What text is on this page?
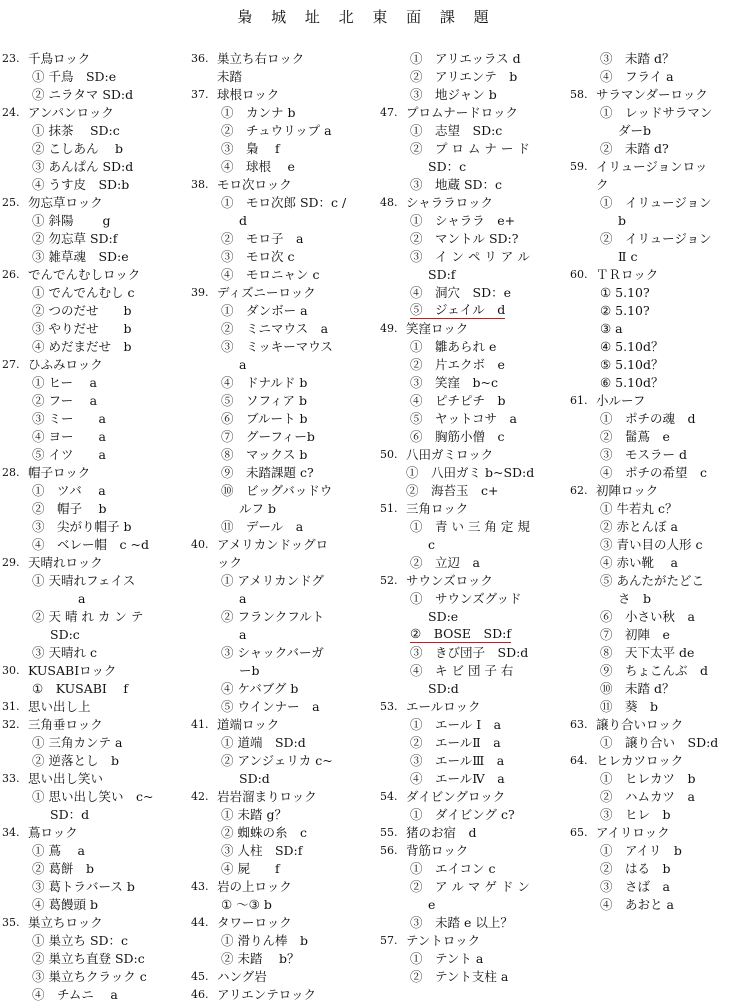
梟 城 址 北 東 面 課 題
23. 千鳥ロック
① 千鳥　SD:e
② ニラタマ SD:d
24. アンパンロック
① 抹茶　 SD:c
② こしあん　 b
③ あんぱん SD:d
④ うす皮　SD:b
25. 勿忘草ロック
① 斜陽　　 g
② 勿忘草 SD:f
③ 雑草魂　SD:e
26. でんでんむしロック
① でんでんむし c
② つのだせ　　b
③ やりだせ　　b
④ めだまだせ　b
27. ひふみロック
① ヒー　 a
② フー　 a
③ ミー　　a
④ ヨー　　a
⑤ イツ　　a
28. 帽子ロック
①　ツバ　 a
②　帽子　 b
③　尖がり帽子 b
④　ベレー帽　c ~d
29. 天晴れロック
① 天晴れフェイス
a
② 天 晴 れ カ ン テ
SD:c
③ 天晴れ c
30. KUSABIロック
①　KUSABI　 f
31. 思い出し上
32. 三角垂ロック
① 三角カンテ a
② 逆落とし　b
33. 思い出し笑い
① 思い出し笑い　c~
SD：d
34. 蔦ロック
① 蔦　 a
② 葛餅　b
③ 葛トラバース b
④ 葛饅頭 b
35. 巣立ちロック
① 巣立ち SD：c
② 巣立ち直登 SD:c
③ 巣立ちクラック c
④　チムニ　 a
36. 巣立ち右ロック
未踏
37. 球根ロック
①　カンナ b
②　チュウリップ a
③　梟　 f
④　球根　 e
38. モロ次ロック
①　モロ次郎 SD：c /
d
②　モロ子　a
③　モロ次 c
④　モロニャン c
39. ディズニーロック
①　ダンボー a
②　ミニマウス　a
③　ミッキーマウス
a
④　ドナルド b
⑤　ソフィア b
⑥　ブルート b
⑦　グーフィーb
⑧　マックス b
⑨　未踏課題 c?
⑩　ビッグバッドウ
ルフ b
⑪　デール　a
40. アメリカンドッグロ
ック
① アメリカンドグ
a
② フランクフルト
a
③ シャックバーガ
ーb
④ ケバブグ b
⑤ ウインナー　a
41. 道端ロック
① 道端　SD:d
② アンジェリカ c~
SD:d
42. 岩岩溜まりロック
① 未踏 g？
② 蜘蛛の糸　c
③ 人柱　SD:f
④ 屍　　f
43. 岩の上ロック
① ～③ b
44. タワーロック
① 滑りん棒　b
② 未踏　 b？
45. ハング岩
46. アリエンテロック
①　アリエッラス d
②　アリエンテ　b
③　地ジャン b
47. プロムナードロック
①　志望　SD:c
②　プ ロ ム ナ ー ド
SD：c
③　地蔵 SD：c
48. シャララロック
①　シャララ　e+
②　マントル SD:?
③　イ ン ペ リ ア ル
SD:f
④　洞穴　SD：e
⑤　ジェイル　d
49. 笑窪ロック
①　雛あられ e
②　片エクボ　e
③　笑窪　b~c
④　ピチピチ　b
⑤　ヤットコサ　a
⑥　胸筋小僧　c
50. 八田ガミロック
①　八田ガミ b~SD:d
②　海苔玉　c+
51. 三角ロック
①　青 い 三 角 定 規
c
②　立辺　a
52. サウンズロック
①　サウンズグッド
SD:e
②　BOSE　SD:f
③　きび団子　SD:d
④　キ ビ 団 子 右
SD:d
53. エールロック
①　エール Ⅰ　a
②　エールⅡ　a
③　エールⅢ　a
④　エールⅣ　a
54. ダイビングロック
①　ダイビング c?
55. 猪のお宿　d
56. 背筋ロック
①　エイコン c
②　ア ル マ ゲ ド ン
e
③　未踏 e 以上？
57. テントロック
①　テント a
②　テント支柱 a
③　未踏 d？
④　フライ a
58. サラマンダーロック
①　レッドサラマン
ダーb
②　未踏 d?
59. イリュージョンロッ
ク
①　イリュージョン
b
②　イリュージョン
Ⅱ c
60. ＴＲロック
① 5.10?
② 5.10?
③ a
④ 5.10d？
⑤ 5.10d？
⑥ 5.10d？
61. 小ルーフ
①　ポチの魂　d
②　髷蔦　e
③　モスラー d
④　ポチの希望　c
62. 初陣ロック
① 牛若丸 c？
② 赤とんぼ a
③ 青い目の人形 c
④ 赤い靴　 a
⑤ あんたがたどこ
さ　b
⑥　小さい秋　a
⑦　初陣　e
⑧　天下太平 de
⑨　ちょこんぶ　d
⑩　未踏 d？
⑪　葵　b
63. 譲り合いロック
①　譲り合い　SD:d
64. ヒレカツロック
①　ヒレカツ　b
②　ハムカツ　a
③　ヒレ　b
65. アイリロック
①　アイリ　b
②　はる　b
③　さば　a
④　あおと a
